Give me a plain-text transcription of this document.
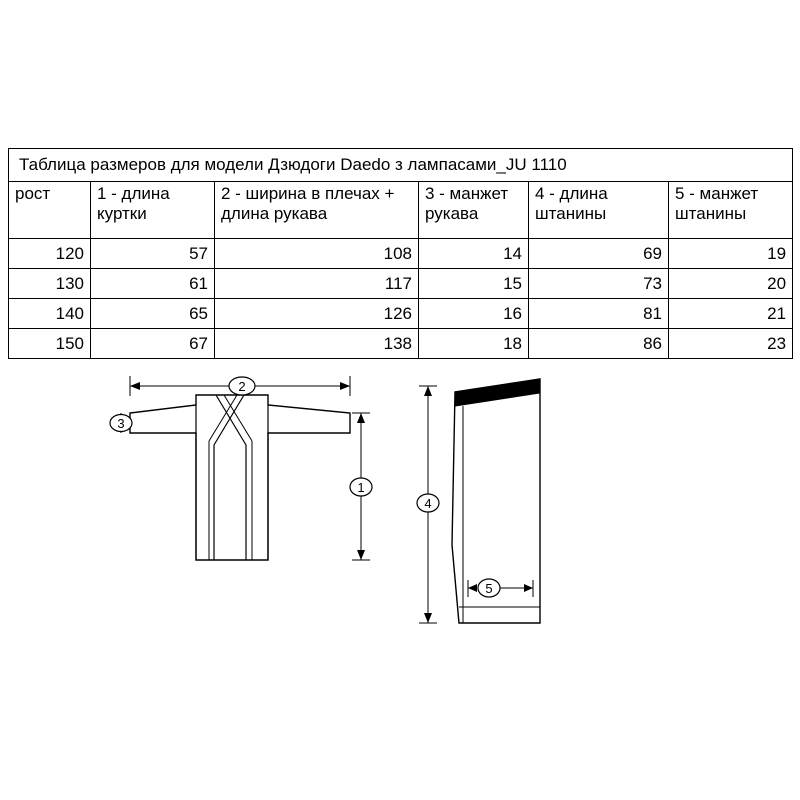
Таблица размеров для модели Дзюдоги Daedo з лампасами_JU 1110					
рост	1 - длина куртки	2 - ширина в плечах + длина рукава	3 - манжет рукава	4 - длина штанины	5 - манжет штанины
120	57	108	14	69	19
130	61	117	15	73	20
140	65	126	16	81	21
150	67	138	18	86	23
2
3
1
4
5
